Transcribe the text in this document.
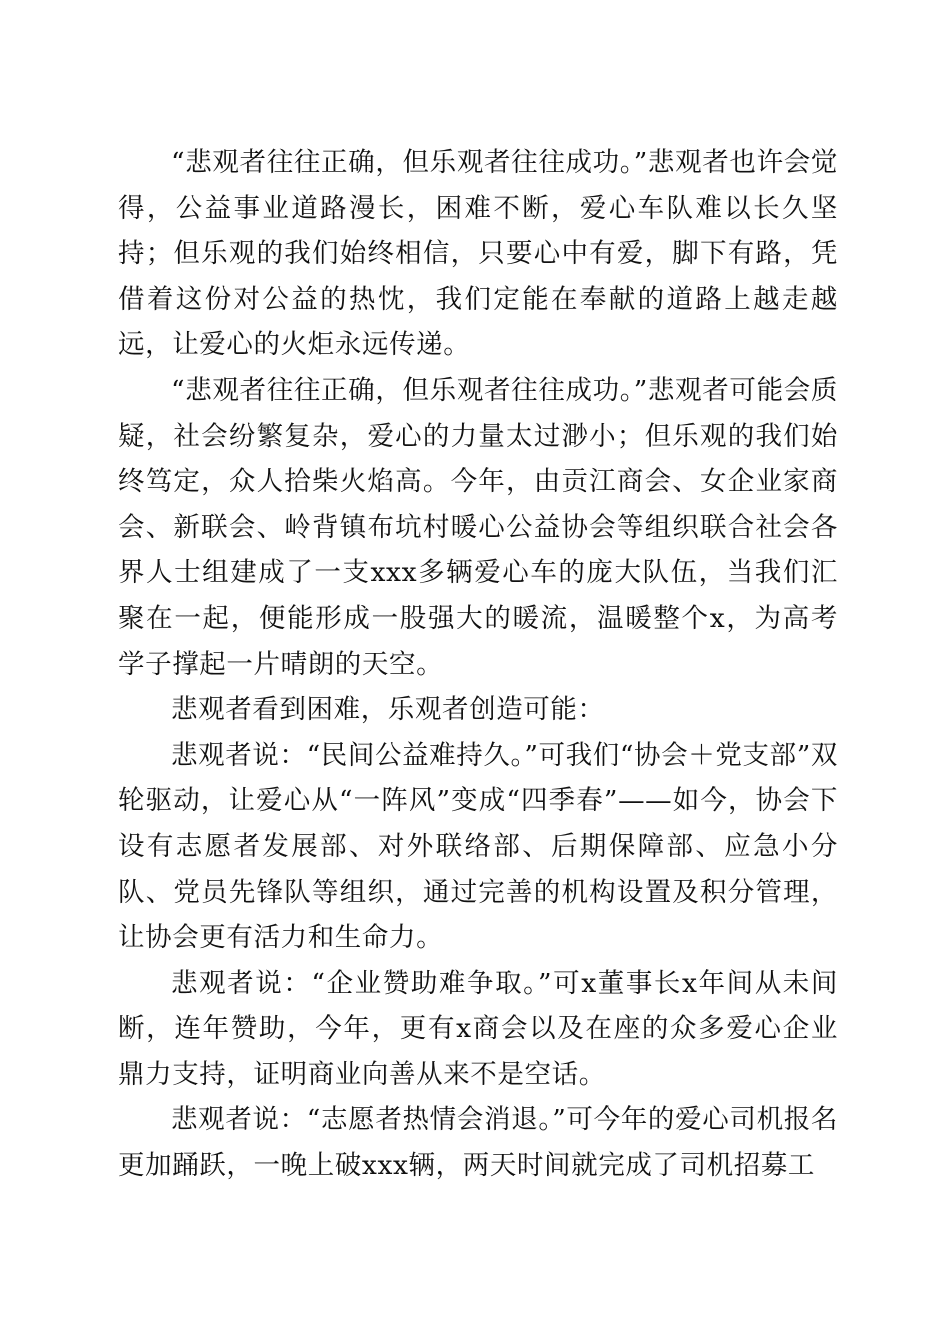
“悲观者往往正确，但乐观者往往成功。”悲观者也许会觉得，公益事业道路漫长，困难不断，爱心车队难以长久坚持；但乐观的我们始终相信，只要心中有爱，脚下有路，凭借着这份对公益的热忱，我们定能在奉献的道路上越走越远，让爱心的火炬永远传递。

“悲观者往往正确，但乐观者往往成功。”悲观者可能会质疑，社会纷繁复杂，爱心的力量太过渺小；但乐观的我们始终笃定，众人拾柴火焰高。今年，由贡江商会、女企业家商会、新联会、岭背镇布坑村暖心公益协会等组织联合社会各界人士组建成了一支xxx多辆爱心车的庞大队伍，当我们汇聚在一起，便能形成一股强大的暖流，温暖整个x，为高考学子撑起一片晴朗的天空。

悲观者看到困难，乐观者创造可能：

悲观者说：“民间公益难持久。”可我们“协会＋党支部”双轮驱动，让爱心从“一阵风”变成“四季春”——如今，协会下设有志愿者发展部、对外联络部、后期保障部、应急小分队、党员先锋队等组织，通过完善的机构设置及积分管理，让协会更有活力和生命力。

悲观者说：“企业赞助难争取。”可x董事长x年间从未间断，连年赞助，今年，更有x商会以及在座的众多爱心企业鼎力支持，证明商业向善从来不是空话。

悲观者说：“志愿者热情会消退。”可今年的爱心司机报名更加踊跃，一晚上破xxx辆，两天时间就完成了司机招募工
